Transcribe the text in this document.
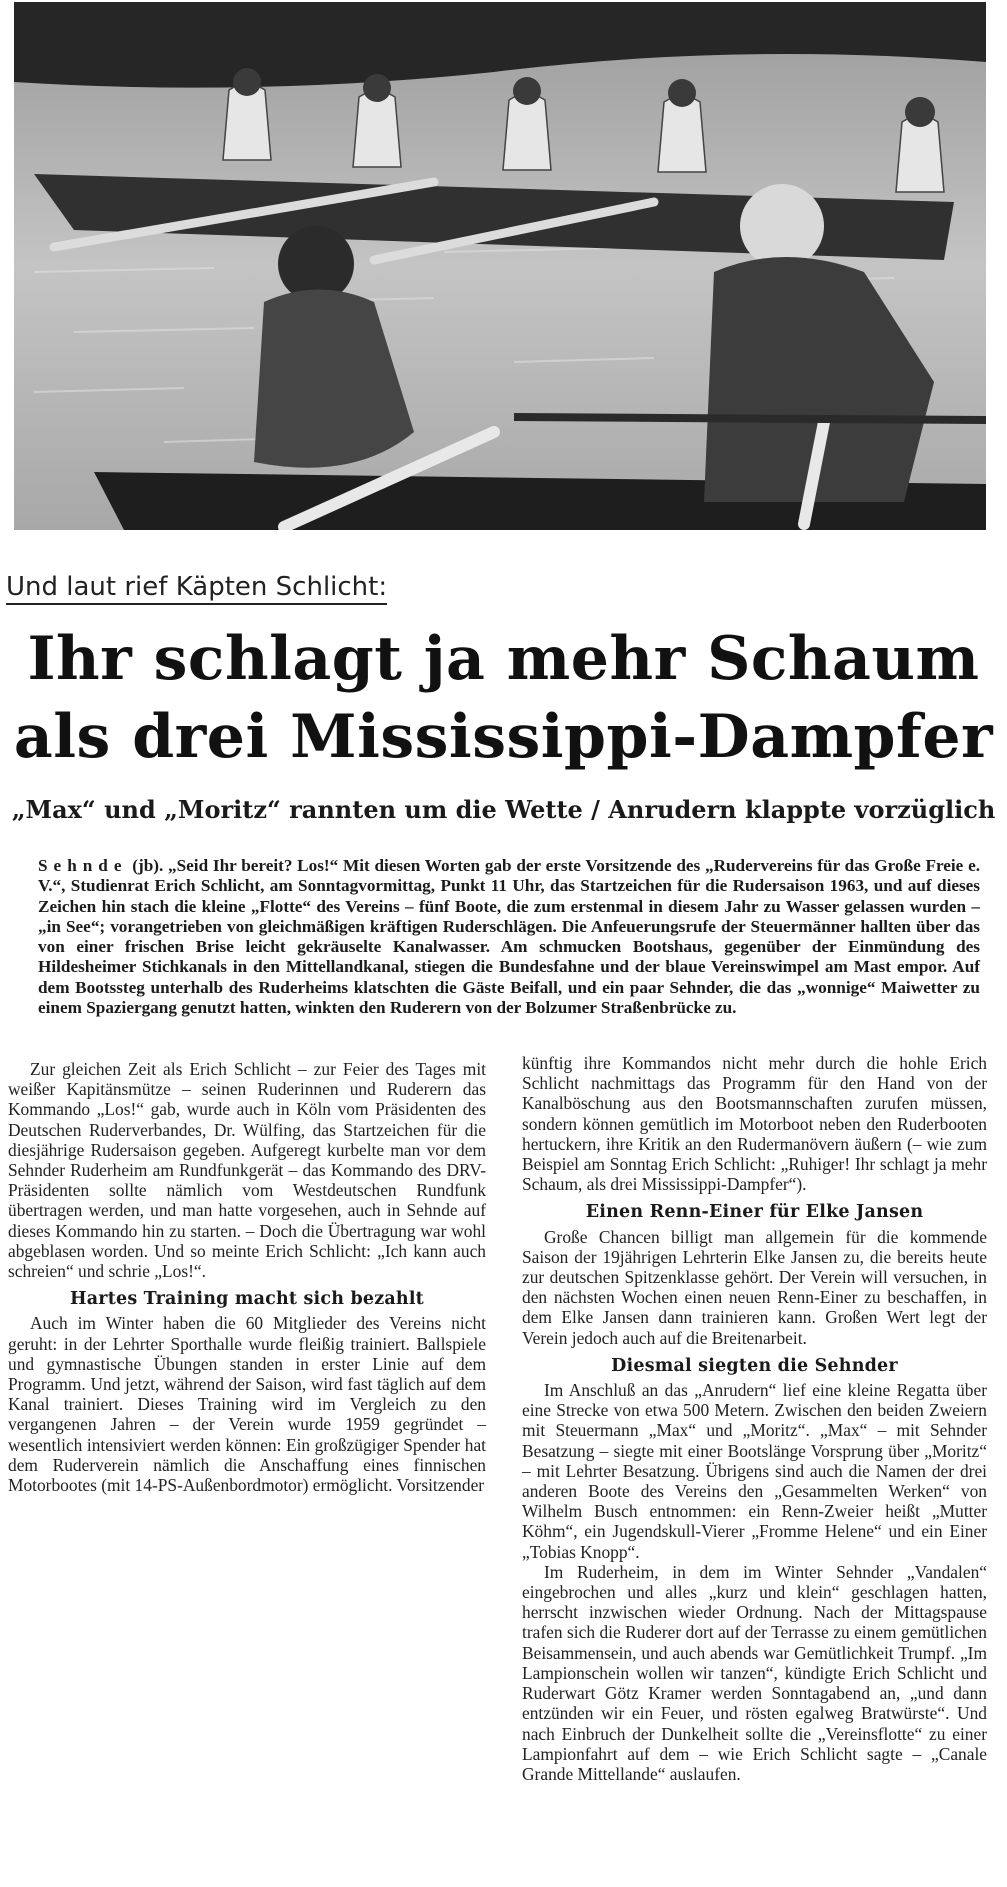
Und laut rief Käpten Schlicht:
Ihr schlagt ja mehr Schaum
als drei Mississippi-Dampfer
„Max“ und „Moritz“ rannten um die Wette / Anrudern klappte vorzüglich

Sehnde (jb). „Seid Ihr bereit? Los!“ Mit diesen Worten gab der erste Vorsitzende des „Rudervereins für das Große Freie e. V.“, Studienrat Erich Schlicht, am Sonntagvormittag, Punkt 11 Uhr, das Startzeichen für die Rudersaison 1963, und auf dieses Zeichen hin stach die kleine „Flotte“ des Vereins – fünf Boote, die zum erstenmal in diesem Jahr zu Wasser gelassen wurden – „in See“; vorangetrieben von gleichmäßigen kräftigen Ruderschlägen. Die Anfeuerungsrufe der Steuermänner hallten über das von einer frischen Brise leicht gekräuselte Kanalwasser. Am schmucken Bootshaus, gegenüber der Einmündung des Hildesheimer Stichkanals in den Mittellandkanal, stiegen die Bundesfahne und der blaue Vereinswimpel am Mast empor. Auf dem Bootssteg unterhalb des Ruderheims klatschten die Gäste Beifall, und ein paar Sehnder, die das „wonnige“ Maiwetter zu einem Spaziergang genutzt hatten, winkten den Ruderern von der Bolzumer Straßenbrücke zu.

Zur gleichen Zeit als Erich Schlicht – zur Feier des Tages mit weißer Kapitänsmütze – seinen Ruderinnen und Ruderern das Kommando „Los!“ gab, wurde auch in Köln vom Präsidenten des Deutschen Ruderverbandes, Dr. Wülfing, das Startzeichen für die diesjährige Rudersaison gegeben. Aufgeregt kurbelte man vor dem Sehnder Ruderheim am Rundfunkgerät – das Kommando des DRV-Präsidenten sollte nämlich vom Westdeutschen Rundfunk übertragen werden, und man hatte vorgesehen, auch in Sehnde auf dieses Kommando hin zu starten. – Doch die Übertragung war wohl abgeblasen worden. Und so meinte Erich Schlicht: „Ich kann auch schreien“ und schrie „Los!“.

Hartes Training macht sich bezahlt

Auch im Winter haben die 60 Mitglieder des Vereins nicht geruht: in der Lehrter Sporthalle wurde fleißig trainiert. Ballspiele und gymnastische Übungen standen in erster Linie auf dem Programm. Und jetzt, während der Saison, wird fast täglich auf dem Kanal trainiert. Dieses Training wird im Vergleich zu den vergangenen Jahren – der Verein wurde 1959 gegründet – wesentlich intensiviert werden können: Ein großzügiger Spender hat dem Ruderverein nämlich die Anschaffung eines finnischen Motorbootes (mit 14-PS-Außenbordmotor) ermöglicht. Vorsitzender

künftig ihre Kommandos nicht mehr durch die hohle Erich Schlicht nachmittags das Programm für den Hand von der Kanalböschung aus den Bootsmannschaften zurufen müssen, sondern können gemütlich im Motorboot neben den Ruderbooten hertuckern, ihre Kritik an den Rudermanövern äußern (– wie zum Beispiel am Sonntag Erich Schlicht: „Ruhiger! Ihr schlagt ja mehr Schaum, als drei Mississippi-Dampfer“).

Einen Renn-Einer für Elke Jansen

Große Chancen billigt man allgemein für die kommende Saison der 19jährigen Lehrterin Elke Jansen zu, die bereits heute zur deutschen Spitzenklasse gehört. Der Verein will versuchen, in den nächsten Wochen einen neuen Renn-Einer zu beschaffen, in dem Elke Jansen dann trainieren kann. Großen Wert legt der Verein jedoch auch auf die Breitenarbeit.

Diesmal siegten die Sehnder

Im Anschluß an das „Anrudern“ lief eine kleine Regatta über eine Strecke von etwa 500 Metern. Zwischen den beiden Zweiern mit Steuermann „Max“ und „Moritz“. „Max“ – mit Sehnder Besatzung – siegte mit einer Bootslänge Vorsprung über „Moritz“ – mit Lehrter Besatzung. Übrigens sind auch die Namen der drei anderen Boote des Vereins den „Gesammelten Werken“ von Wilhelm Busch entnommen: ein Renn-Zweier heißt „Mutter Köhm“, ein Jugendskull-Vierer „Fromme Helene“ und ein Einer „Tobias Knopp“.

Im Ruderheim, in dem im Winter Sehnder „Vandalen“ eingebrochen und alles „kurz und klein“ geschlagen hatten, herrscht inzwischen wieder Ordnung. Nach der Mittagspause trafen sich die Ruderer dort auf der Terrasse zu einem gemütlichen Beisammensein, und auch abends war Gemütlichkeit Trumpf. „Im Lampionschein wollen wir tanzen“, kündigte Erich Schlicht und Ruderwart Götz Kramer werden Sonntagabend an, „und dann entzünden wir ein Feuer, und rösten egalweg Bratwürste“. Und nach Einbruch der Dunkelheit sollte die „Vereinsflotte“ zu einer Lampionfahrt auf dem – wie Erich Schlicht sagte – „Canale Grande Mittellande“ auslaufen.
